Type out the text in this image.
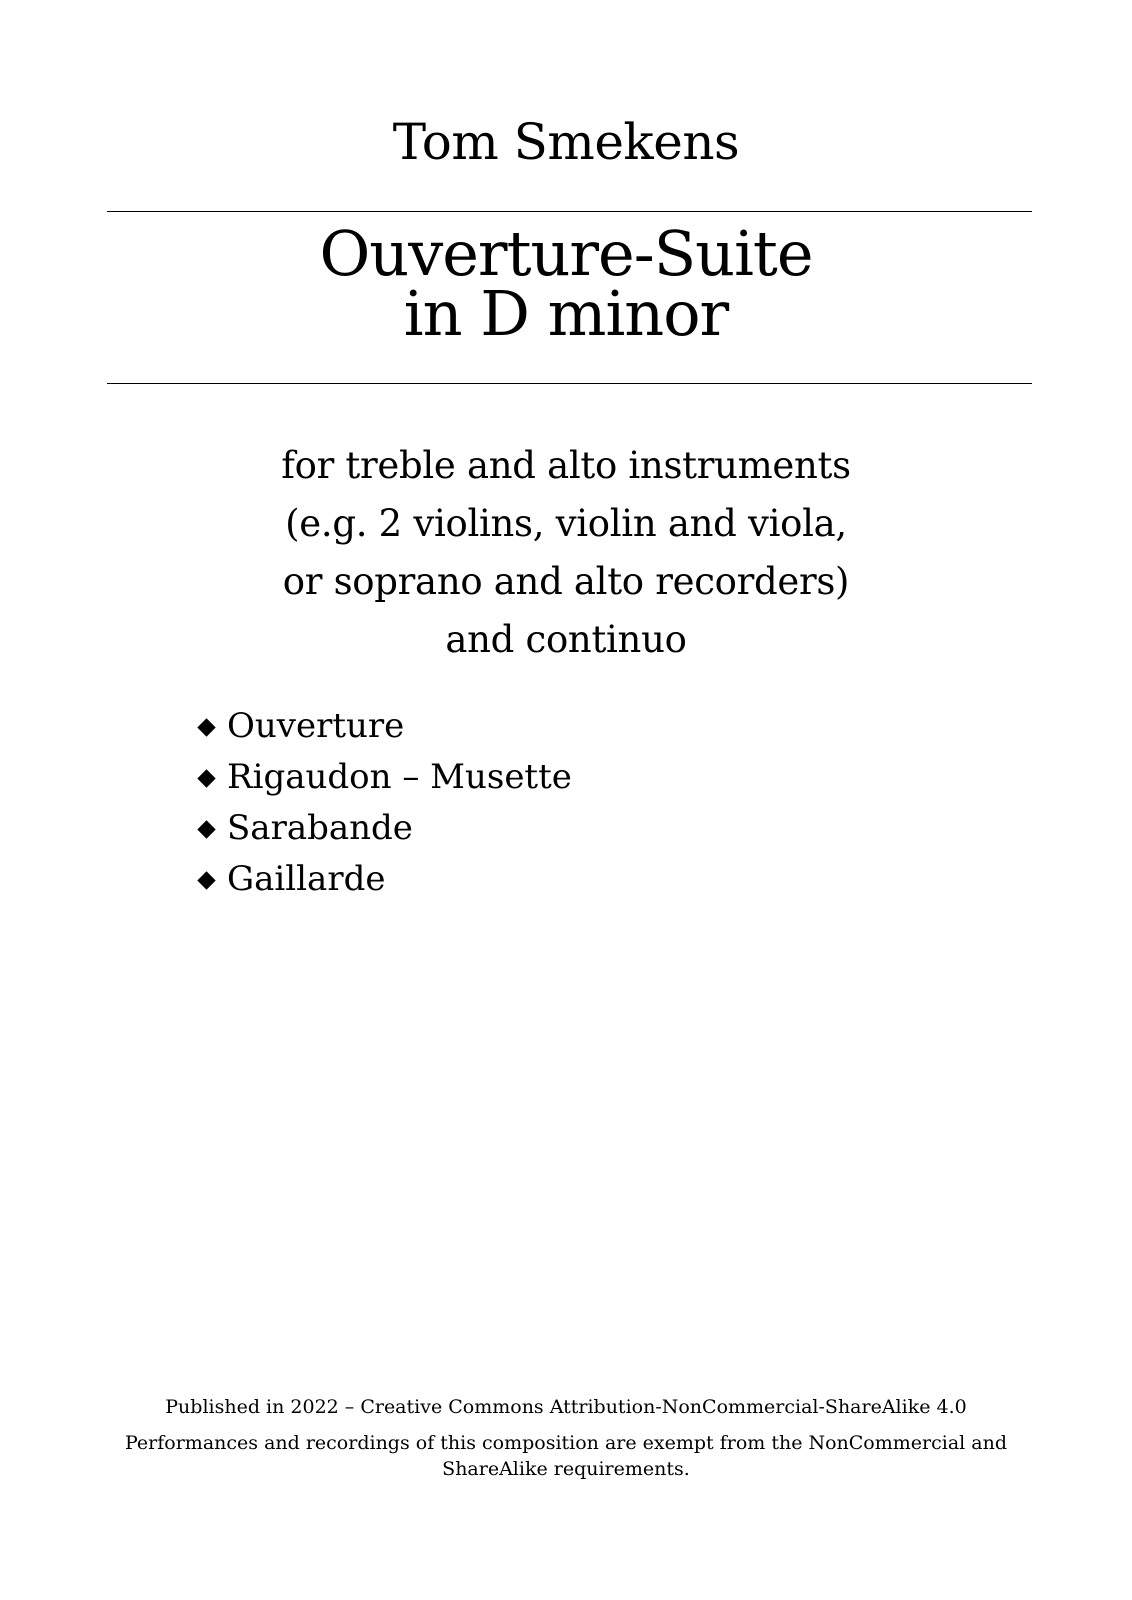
Tom Smekens
Ouverture-Suite
in D minor
for treble and alto instruments
(e.g. 2 violins, violin and viola,
or soprano and alto recorders)
and continuo
Ouverture
Rigaudon – Musette
Sarabande
Gaillarde
Published in 2022 – Creative Commons Attribution-NonCommercial-ShareAlike 4.0
Performances and recordings of this composition are exempt from the NonCommercial and ShareAlike requirements.
